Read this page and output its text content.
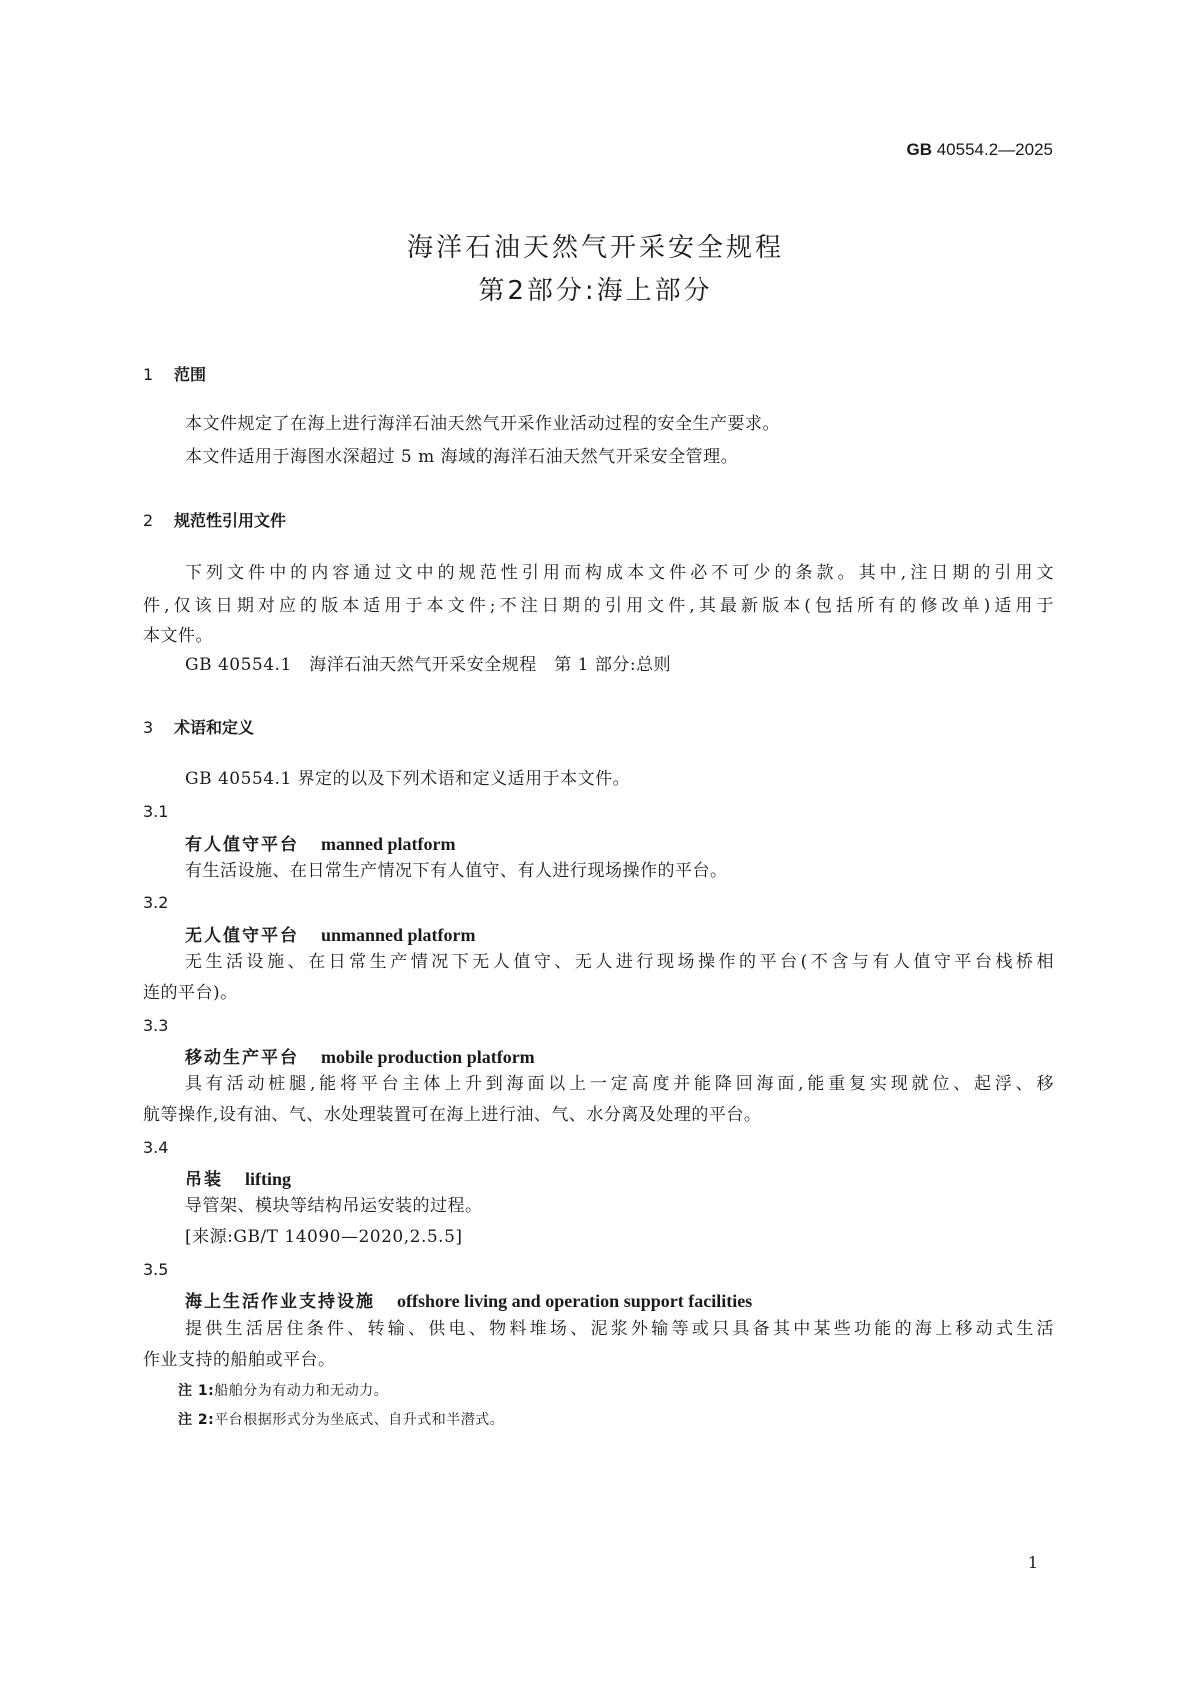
GB 40554.2—2025
海洋石油天然气开采安全规程
第2部分:海上部分
1 范围
本文件规定了在海上进行海洋石油天然气开采作业活动过程的安全生产要求。
本文件适用于海图水深超过 5 m 海域的海洋石油天然气开采安全管理。
2 规范性引用文件
下列文件中的内容通过文中的规范性引用而构成本文件必不可少的条款。其中,注日期的引用文
件,仅该日期对应的版本适用于本文件;不注日期的引用文件,其最新版本(包括所有的修改单)适用于
本文件。
GB 40554.1　海洋石油天然气开采安全规程　第 1 部分:总则
3 术语和定义
GB 40554.1 界定的以及下列术语和定义适用于本文件。
3.1
有人值守平台 manned platform
有生活设施、在日常生产情况下有人值守、有人进行现场操作的平台。
3.2
无人值守平台 unmanned platform
无生活设施、在日常生产情况下无人值守、无人进行现场操作的平台(不含与有人值守平台栈桥相
连的平台)。
3.3
移动生产平台 mobile production platform
具有活动桩腿,能将平台主体上升到海面以上一定高度并能降回海面,能重复实现就位、起浮、移
航等操作,设有油、气、水处理装置可在海上进行油、气、水分离及处理的平台。
3.4
吊装 lifting
导管架、模块等结构吊运安装的过程。
[来源:GB/T 14090—2020,2.5.5]
3.5
海上生活作业支持设施 offshore living and operation support facilities
提供生活居住条件、转输、供电、物料堆场、泥浆外输等或只具备其中某些功能的海上移动式生活
作业支持的船舶或平台。
注 1:船舶分为有动力和无动力。
注 2:平台根据形式分为坐底式、自升式和半潜式。
1
